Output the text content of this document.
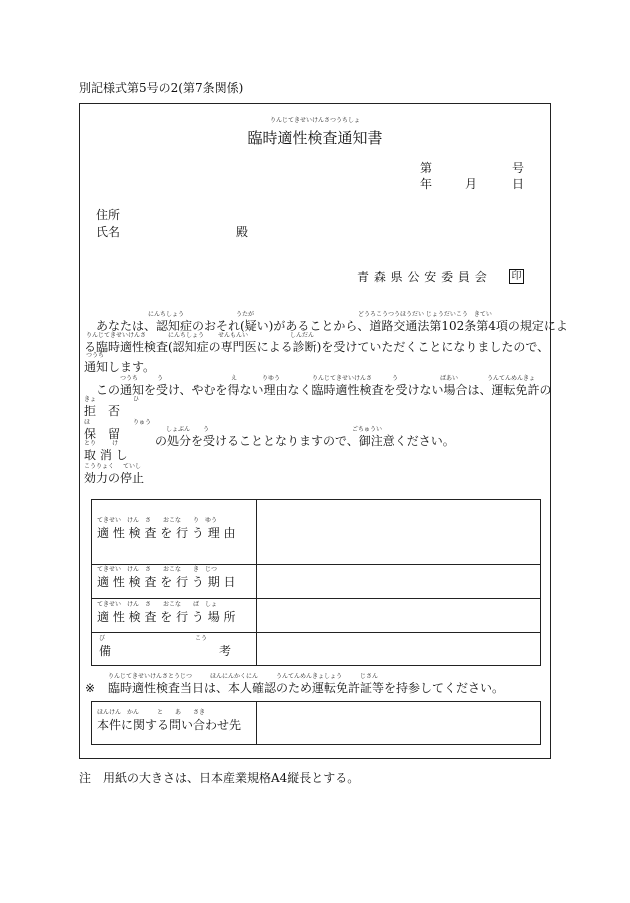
別記様式第5号の2(第7条関係)
りんじてきせいけんさつうちしょ
臨時適性検査通知書
第	号
年	月	日
住所
氏名	殿
青 森 県 公 安 委 員 会 印
にんちしょう	うたが	どうろこうつうほうだい じょうだいこう　きてい
あなたは、認知症のおそれ(疑い)があることから、道路交通法第102条第4項の規定によ
りんじてきせいけんさ	にんちしょう せんもんい	しんだん
る臨時適性検査(認知症の専門医による診断)を受けていただくことになりましたので、
つうち
通知します。
つうち	う	え	りゆう	りんじてきせいけんさ	う	ばあい	うんてんめんきょ
この通知を受け、やむを得ない理由なく臨時適性検査を受けない場合は、運転免許の
きょ	ひ
拒　否
ほ	りゅう
保　留	しょぶん う	ごちゅうい
の処分を受けることとなりますので、御注意ください。
とり	け
取 消 し
こうりょく ていし
効力の停止
てきせい　けん　さ　　おこな　　り　ゆう
適 性 検 査 を 行 う 理 由
てきせい　けん　さ　　おこな　　き　じつ
適 性 検 査 を 行 う 期 日
てきせい　けん　さ　　おこな　　ば　しょ
適 性 検 査 を 行 う 場 所
び　　　　　　　　　　　　　　　こう
備　　　　　　　　　考
りんじてきせいけんさとうじつ　　　ほんにんかくにん　　　うんてんめんきょしょう　　　じさん
※ 臨時適性検査当日は、本人確認のため運転免許証等を持参してください。
ほんけん　かん　　　と　　あ　　さき
本件に関する問い合わせ先
注　用紙の大きさは、日本産業規格A4縦長とする。
